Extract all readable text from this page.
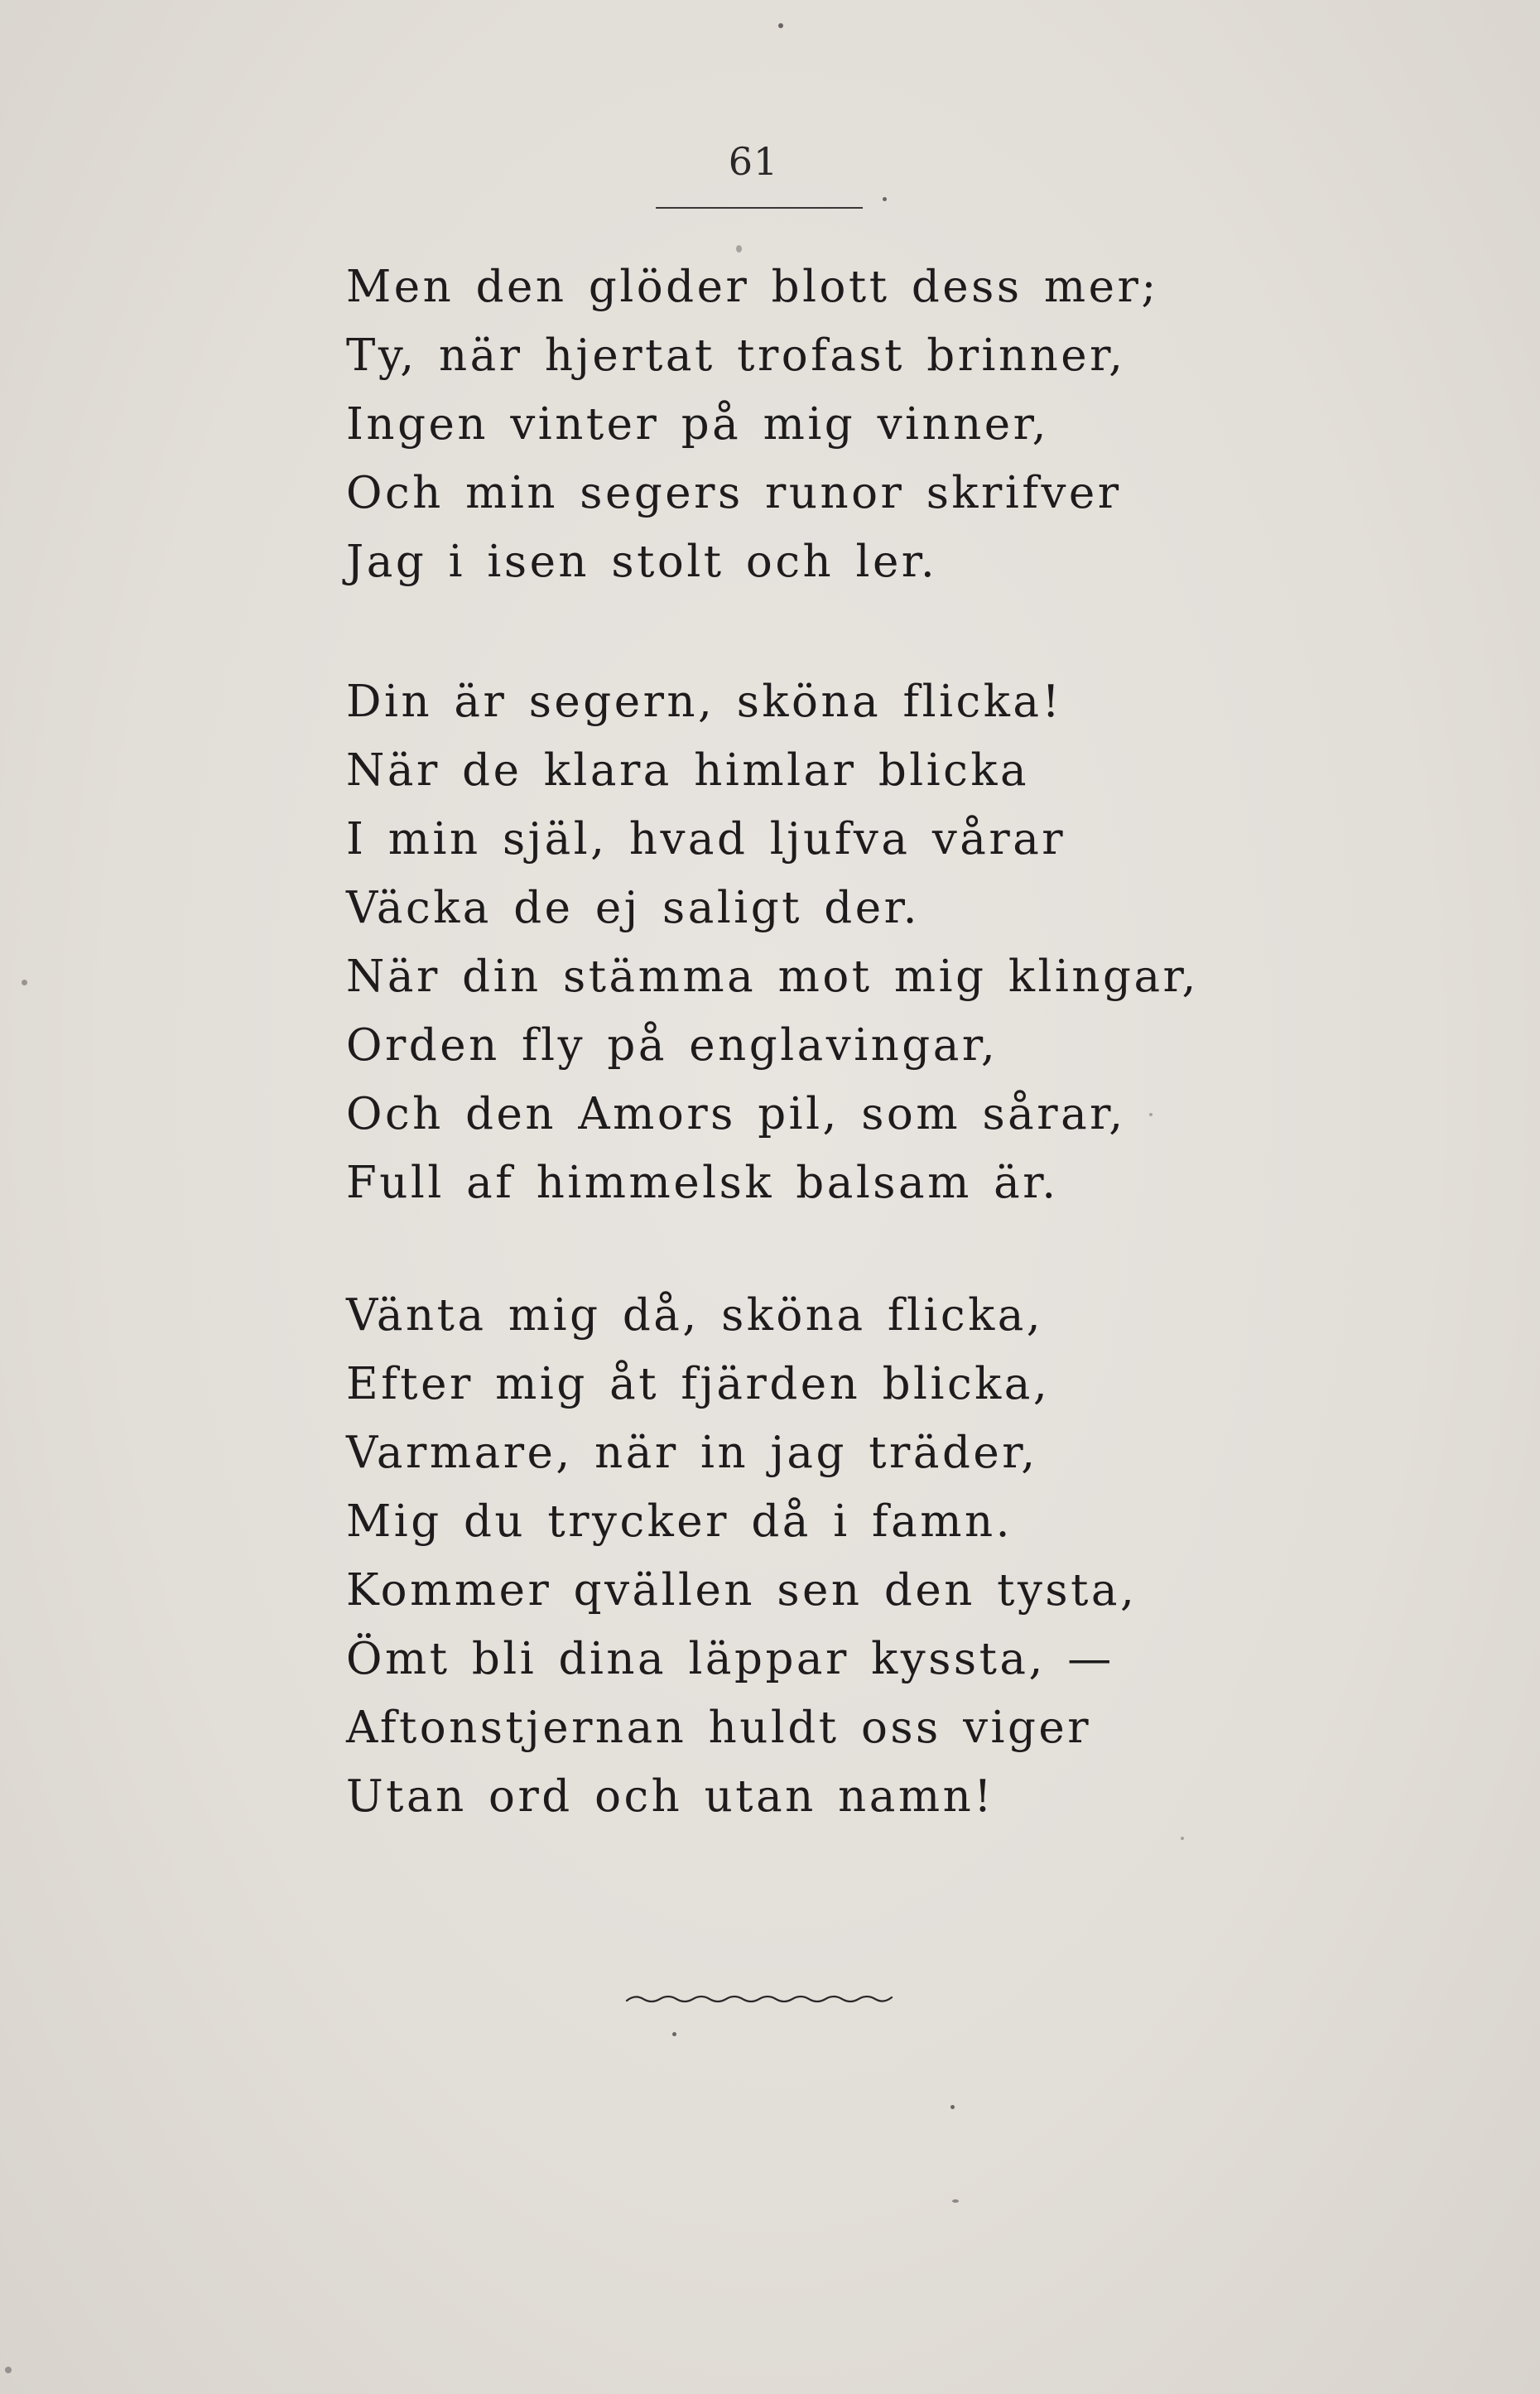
61
Men den glöder blott dess mer;
Ty, när hjertat trofast brinner,
Ingen vinter på mig vinner,
Och min segers runor skrifver
Jag i isen stolt och ler.
Din är segern, sköna flicka!
När de klara himlar blicka
I min själ, hvad ljufva vårar
Väcka de ej saligt der.
När din stämma mot mig klingar,
Orden fly på englavingar,
Och den Amors pil, som sårar,
Full af himmelsk balsam är.
Vänta mig då, sköna flicka,
Efter mig åt fjärden blicka,
Varmare, när in jag träder,
Mig du trycker då i famn.
Kommer qvällen sen den tysta,
Ömt bli dina läppar kyssta, —
Aftonstjernan huldt oss viger
Utan ord och utan namn!
